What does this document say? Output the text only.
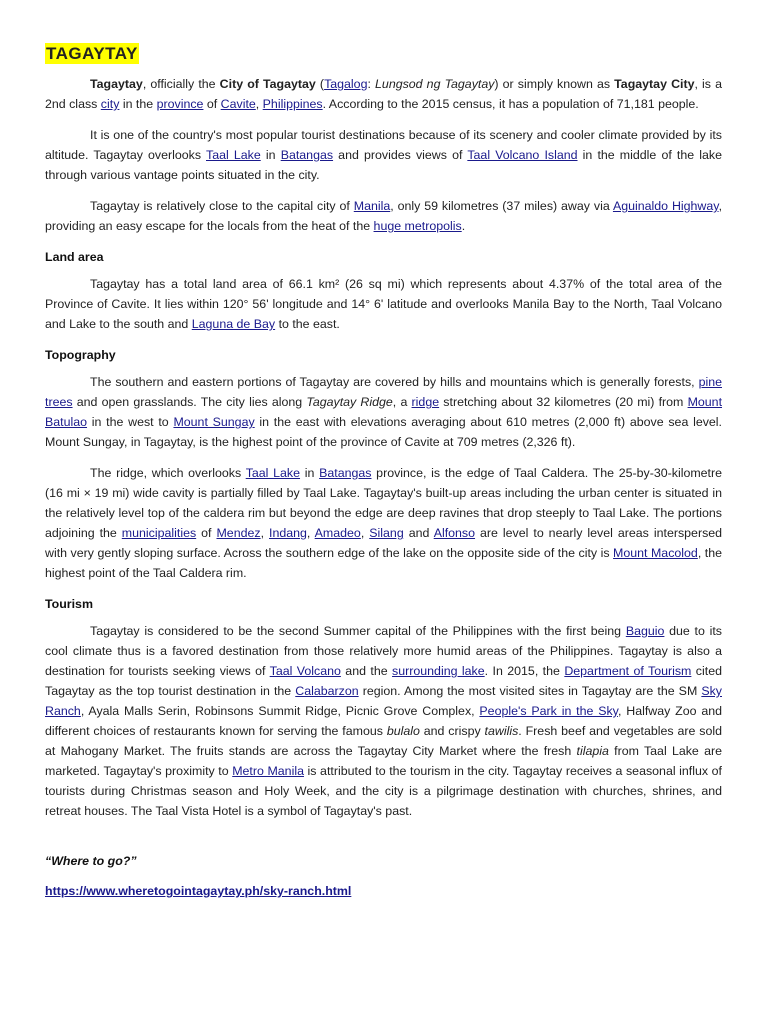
TAGAYTAY

Tagaytay, officially the City of Tagaytay (Tagalog: Lungsod ng Tagaytay) or simply known as Tagaytay City, is a 2nd class city in the province of Cavite, Philippines. According to the 2015 census, it has a population of 71,181 people.

It is one of the country's most popular tourist destinations because of its scenery and cooler climate provided by its altitude. Tagaytay overlooks Taal Lake in Batangas and provides views of Taal Volcano Island in the middle of the lake through various vantage points situated in the city.

Tagaytay is relatively close to the capital city of Manila, only 59 kilometres (37 miles) away via Aguinaldo Highway, providing an easy escape for the locals from the heat of the huge metropolis.

Land area

Tagaytay has a total land area of 66.1 km² (26 sq mi) which represents about 4.37% of the total area of the Province of Cavite. It lies within 120° 56' longitude and 14° 6' latitude and overlooks Manila Bay to the North, Taal Volcano and Lake to the south and Laguna de Bay to the east.

Topography

The southern and eastern portions of Tagaytay are covered by hills and mountains which is generally forests, pine trees and open grasslands. The city lies along Tagaytay Ridge, a ridge stretching about 32 kilometres (20 mi) from Mount Batulao in the west to Mount Sungay in the east with elevations averaging about 610 metres (2,000 ft) above sea level. Mount Sungay, in Tagaytay, is the highest point of the province of Cavite at 709 metres (2,326 ft).

The ridge, which overlooks Taal Lake in Batangas province, is the edge of Taal Caldera. The 25-by-30-kilometre (16 mi × 19 mi) wide cavity is partially filled by Taal Lake. Tagaytay's built-up areas including the urban center is situated in the relatively level top of the caldera rim but beyond the edge are deep ravines that drop steeply to Taal Lake. The portions adjoining the municipalities of Mendez, Indang, Amadeo, Silang and Alfonso are level to nearly level areas interspersed with very gently sloping surface. Across the southern edge of the lake on the opposite side of the city is Mount Macolod, the highest point of the Taal Caldera rim.

Tourism

Tagaytay is considered to be the second Summer capital of the Philippines with the first being Baguio due to its cool climate thus is a favored destination from those relatively more humid areas of the Philippines. Tagaytay is also a destination for tourists seeking views of Taal Volcano and the surrounding lake. In 2015, the Department of Tourism cited Tagaytay as the top tourist destination in the Calabarzon region. Among the most visited sites in Tagaytay are the SM Sky Ranch, Ayala Malls Serin, Robinsons Summit Ridge, Picnic Grove Complex, People's Park in the Sky, Halfway Zoo and different choices of restaurants known for serving the famous bulalo and crispy tawilis. Fresh beef and vegetables are sold at Mahogany Market. The fruits stands are across the Tagaytay City Market where the fresh tilapia from Taal Lake are marketed. Tagaytay's proximity to Metro Manila is attributed to the tourism in the city. Tagaytay receives a seasonal influx of tourists during Christmas season and Holy Week, and the city is a pilgrimage destination with churches, shrines, and retreat houses. The Taal Vista Hotel is a symbol of Tagaytay's past.

“Where to go?”
https://www.wheretogointagaytay.ph/sky-ranch.html
